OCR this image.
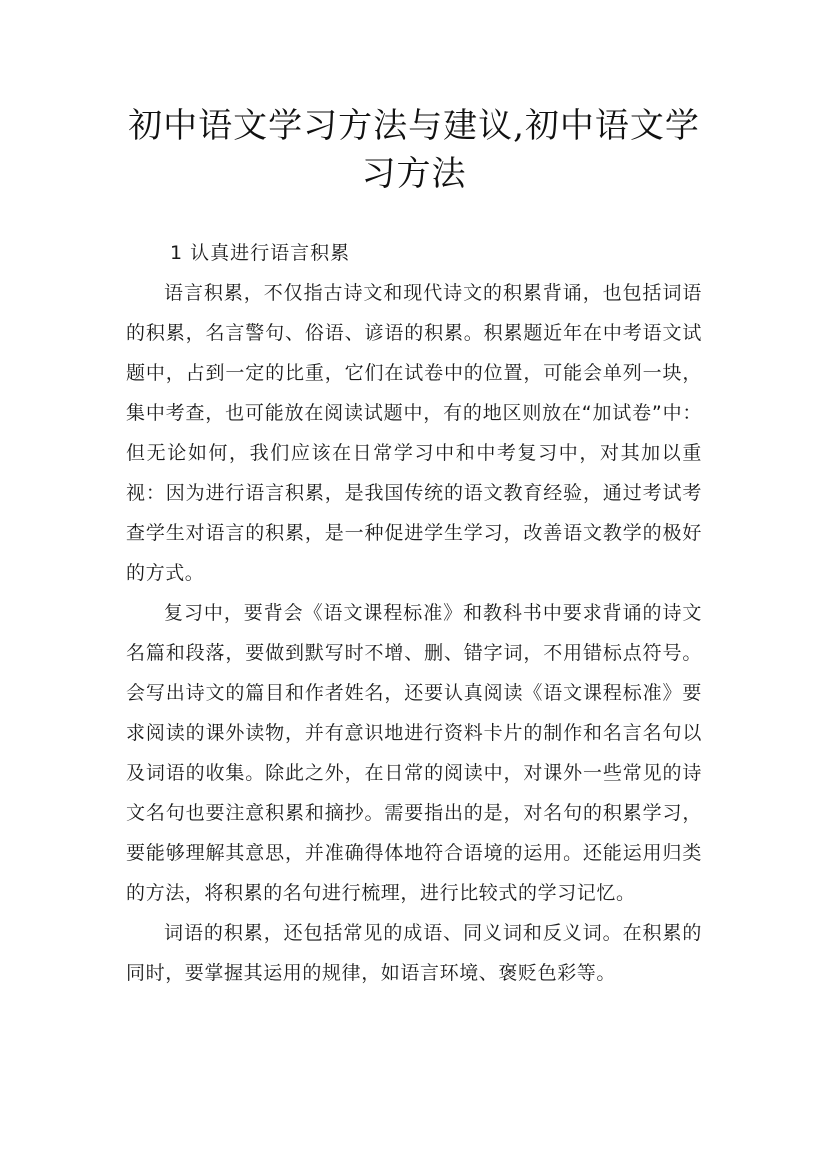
初中语文学习方法与建议,初中语文学习方法
1 认真进行语言积累

语言积累，不仅指古诗文和现代诗文的积累背诵，也包括词语的积累，名言警句、俗语、谚语的积累。积累题近年在中考语文试题中，占到一定的比重，它们在试卷中的位置，可能会单列一块，集中考查，也可能放在阅读试题中，有的地区则放在“加试卷”中：但无论如何，我们应该在日常学习中和中考复习中，对其加以重视：因为进行语言积累，是我国传统的语文教育经验，通过考试考查学生对语言的积累，是一种促进学生学习，改善语文教学的极好的方式。

复习中，要背会《语文课程标准》和教科书中要求背诵的诗文名篇和段落，要做到默写时不增、删、错字词，不用错标点符号。会写出诗文的篇目和作者姓名，还要认真阅读《语文课程标准》要求阅读的课外读物，并有意识地进行资料卡片的制作和名言名句以及词语的收集。除此之外，在日常的阅读中，对课外一些常见的诗文名句也要注意积累和摘抄。需要指出的是，对名句的积累学习，要能够理解其意思，并准确得体地符合语境的运用。还能运用归类的方法，将积累的名句进行梳理，进行比较式的学习记忆。

词语的积累，还包括常见的成语、同义词和反义词。在积累的同时，要掌握其运用的规律，如语言环境、褒贬色彩等。
